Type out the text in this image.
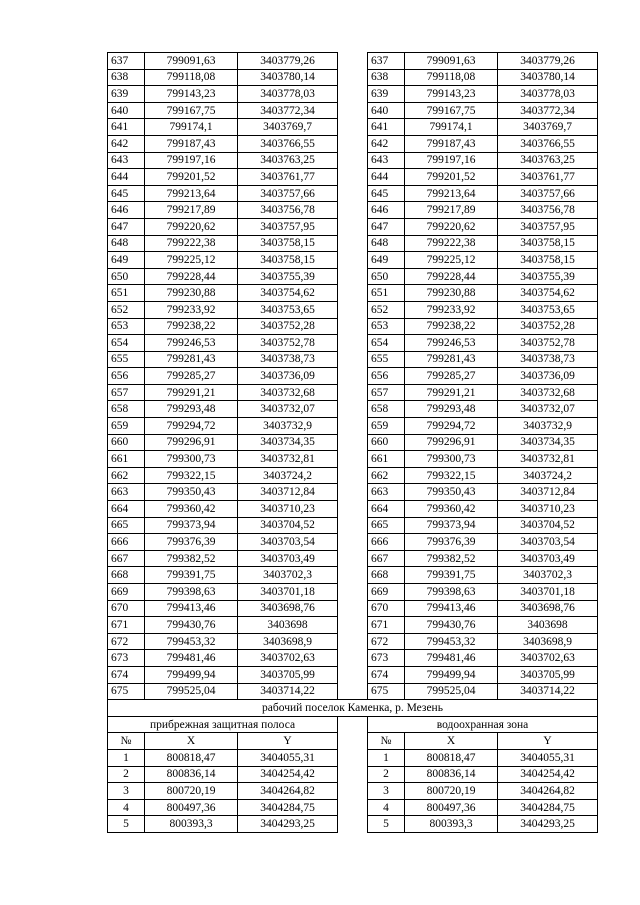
637	799091,63	3403779,26		637	799091,63	3403779,26
638	799118,08	3403780,14		638	799118,08	3403780,14
639	799143,23	3403778,03		639	799143,23	3403778,03
640	799167,75	3403772,34		640	799167,75	3403772,34
641	799174,1	3403769,7		641	799174,1	3403769,7
642	799187,43	3403766,55		642	799187,43	3403766,55
643	799197,16	3403763,25		643	799197,16	3403763,25
644	799201,52	3403761,77		644	799201,52	3403761,77
645	799213,64	3403757,66		645	799213,64	3403757,66
646	799217,89	3403756,78		646	799217,89	3403756,78
647	799220,62	3403757,95		647	799220,62	3403757,95
648	799222,38	3403758,15		648	799222,38	3403758,15
649	799225,12	3403758,15		649	799225,12	3403758,15
650	799228,44	3403755,39		650	799228,44	3403755,39
651	799230,88	3403754,62		651	799230,88	3403754,62
652	799233,92	3403753,65		652	799233,92	3403753,65
653	799238,22	3403752,28		653	799238,22	3403752,28
654	799246,53	3403752,78		654	799246,53	3403752,78
655	799281,43	3403738,73		655	799281,43	3403738,73
656	799285,27	3403736,09		656	799285,27	3403736,09
657	799291,21	3403732,68		657	799291,21	3403732,68
658	799293,48	3403732,07		658	799293,48	3403732,07
659	799294,72	3403732,9		659	799294,72	3403732,9
660	799296,91	3403734,35		660	799296,91	3403734,35
661	799300,73	3403732,81		661	799300,73	3403732,81
662	799322,15	3403724,2		662	799322,15	3403724,2
663	799350,43	3403712,84		663	799350,43	3403712,84
664	799360,42	3403710,23		664	799360,42	3403710,23
665	799373,94	3403704,52		665	799373,94	3403704,52
666	799376,39	3403703,54		666	799376,39	3403703,54
667	799382,52	3403703,49		667	799382,52	3403703,49
668	799391,75	3403702,3		668	799391,75	3403702,3
669	799398,63	3403701,18		669	799398,63	3403701,18
670	799413,46	3403698,76		670	799413,46	3403698,76
671	799430,76	3403698		671	799430,76	3403698
672	799453,32	3403698,9		672	799453,32	3403698,9
673	799481,46	3403702,63		673	799481,46	3403702,63
674	799499,94	3403705,99		674	799499,94	3403705,99
675	799525,04	3403714,22		675	799525,04	3403714,22
рабочий поселок Каменка, р. Мезень						
прибрежная защитная полоса				водоохранная зона		
№	X	Y		№	X	Y
1	800818,47	3404055,31		1	800818,47	3404055,31
2	800836,14	3404254,42		2	800836,14	3404254,42
3	800720,19	3404264,82		3	800720,19	3404264,82
4	800497,36	3404284,75		4	800497,36	3404284,75
5	800393,3	3404293,25		5	800393,3	3404293,25
